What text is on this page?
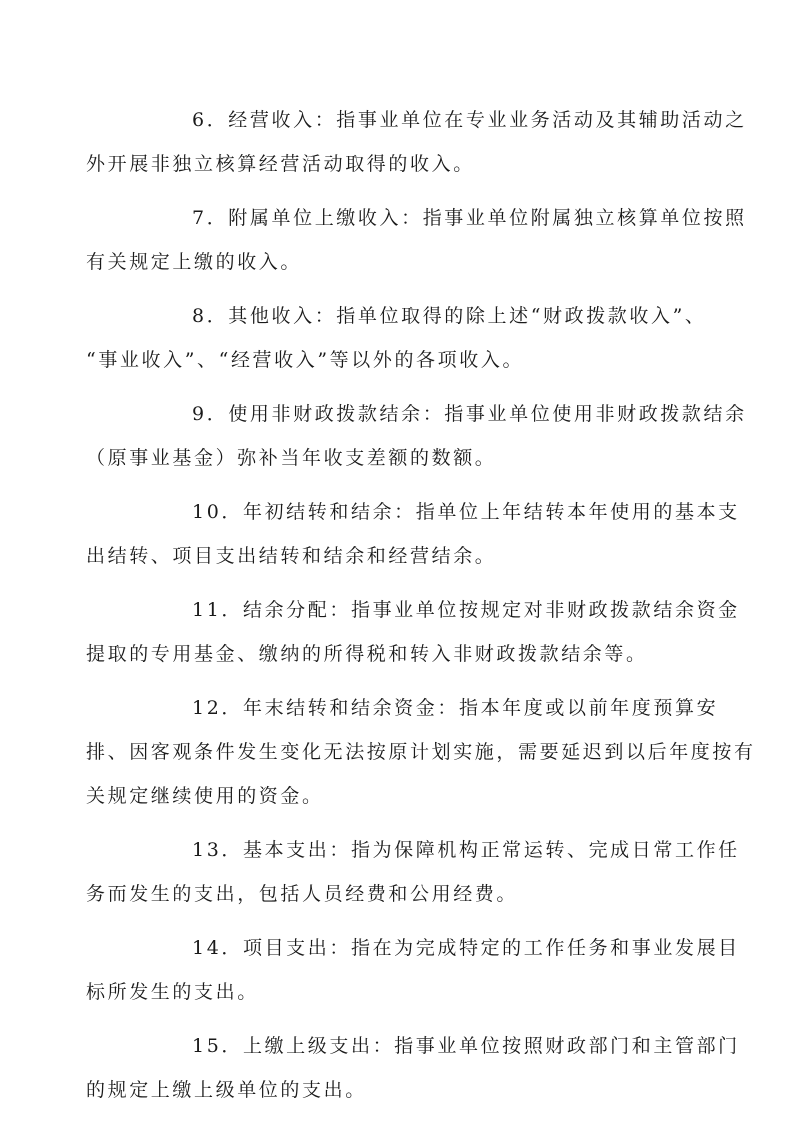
6．经营收入：指事业单位在专业业务活动及其辅助活动之
外开展非独立核算经营活动取得的收入。

7．附属单位上缴收入：指事业单位附属独立核算单位按照
有关规定上缴的收入。

8．其他收入：指单位取得的除上述“财政拨款收入”、
“事业收入”、“经营收入”等以外的各项收入。

9．使用非财政拨款结余：指事业单位使用非财政拨款结余
（原事业基金）弥补当年收支差额的数额。

10．年初结转和结余：指单位上年结转本年使用的基本支
出结转、项目支出结转和结余和经营结余。

11．结余分配：指事业单位按规定对非财政拨款结余资金
提取的专用基金、缴纳的所得税和转入非财政拨款结余等。

12．年末结转和结余资金：指本年度或以前年度预算安
排、因客观条件发生变化无法按原计划实施，需要延迟到以后年度按有
关规定继续使用的资金。

13．基本支出：指为保障机构正常运转、完成日常工作任
务而发生的支出，包括人员经费和公用经费。

14．项目支出：指在为完成特定的工作任务和事业发展目
标所发生的支出。

15．上缴上级支出：指事业单位按照财政部门和主管部门
的规定上缴上级单位的支出。
